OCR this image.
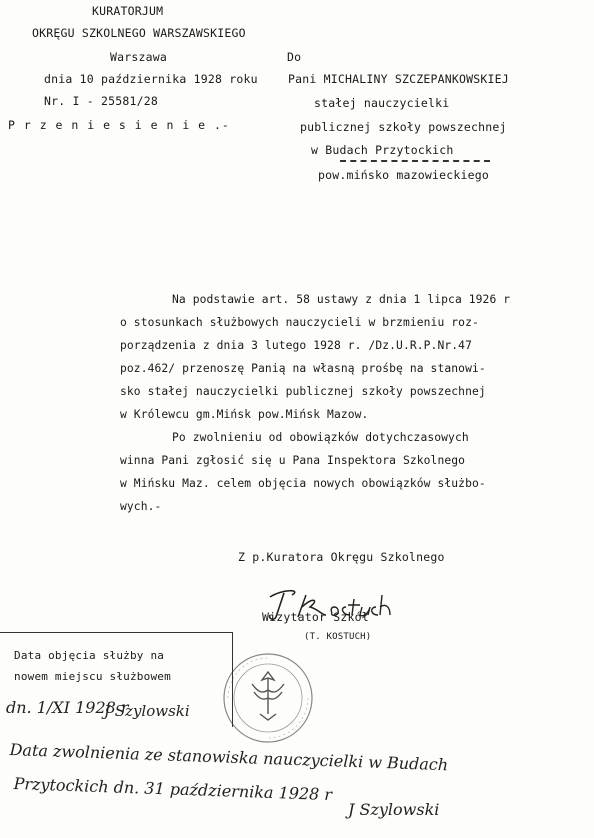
KURATORJUM
OKRĘGU SZKOLNEGO WARSZAWSKIEGO
Warszawa
dnia 10 października 1928 roku
Nr. I - 25581/28
P r z e n i e s i e n i e .-
Do
Pani MICHALINY SZCZEPANKOWSKIEJ
stałej nauczycielki
publicznej szkoły powszechnej
w Budach Przytockich
pow.mińsko mazowieckiego
Na podstawie art. 58 ustawy z dnia 1 lipca 1926 r
o stosunkach służbowych nauczycieli w brzmieniu roz-
porządzenia z dnia 3 lutego 1928 r. /Dz.U.R.P.Nr.47
poz.462/ przenoszę Panią na własną prośbę na stanowi-
sko stałej nauczycielki publicznej szkoły powszechnej
w Królewcu gm.Mińsk pow.Mińsk Mazow.
Po zwolnieniu od obowiązków dotychczasowych
winna Pani zgłosić się u Pana Inspektora Szkolnego
w Mińsku Maz. celem objęcia nowych obowiązków służbo-
wych.-
Z p.Kuratora Okręgu Szkolnego
Wizytator Szkół
(T. KOSTUCH)
Data objęcia służby na
nowem miejscu służbowem
dn. 1/XI 1928 r
J Szylowski
Data zwolnienia ze stanowiska nauczycielki w Budach
Przytockich dn. 31 października 1928 r
J Szylowski
